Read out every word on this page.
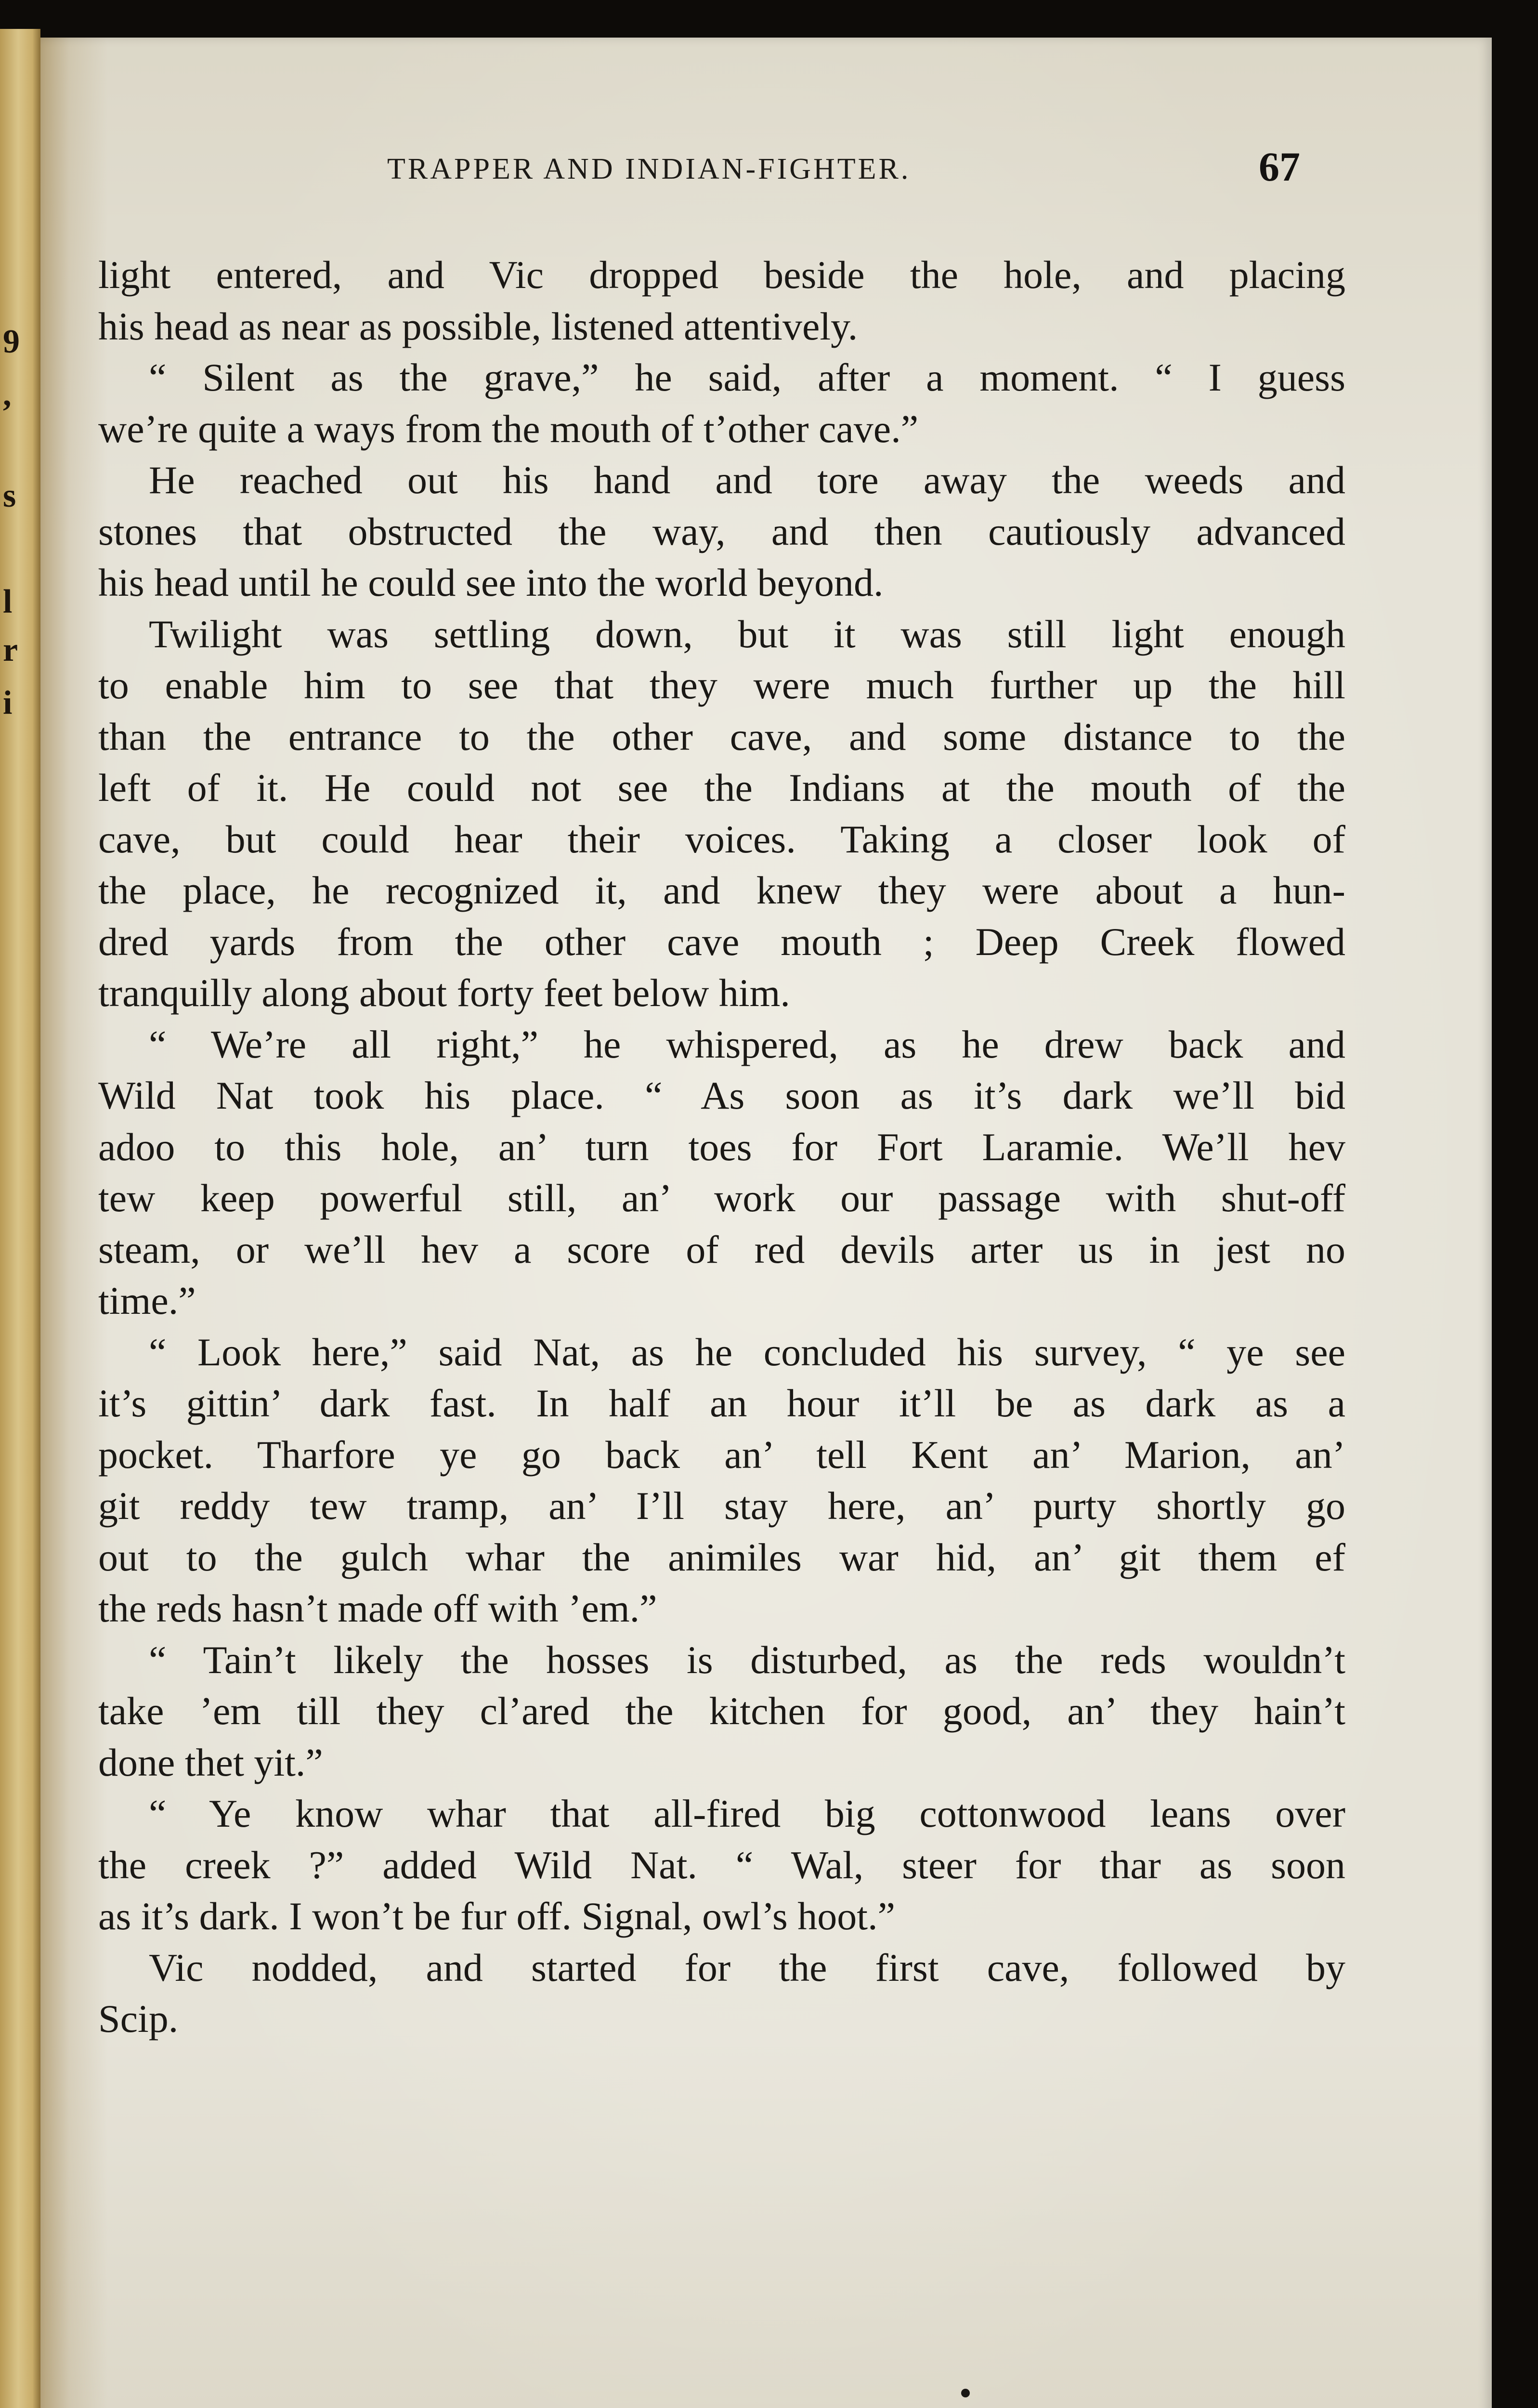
9
,
s
l
r
i
TRAPPER AND INDIAN-FIGHTER.	67
light entered, and Vic dropped beside the hole, and placing
his head as near as possible, listened attentively.
“ Silent as the grave,” he said, after a moment. “ I guess
we’re quite a ways from the mouth of t’other cave.”
He reached out his hand and tore away the weeds and
stones that obstructed the way, and then cautiously advanced
his head until he could see into the world beyond.
Twilight was settling down, but it was still light enough
to enable him to see that they were much further up the hill
than the entrance to the other cave, and some distance to the
left of it. He could not see the Indians at the mouth of the
cave, but could hear their voices. Taking a closer look of
the place, he recognized it, and knew they were about a hun-
dred yards from the other cave mouth ; Deep Creek flowed
tranquilly along about forty feet below him.
“ We’re all right,” he whispered, as he drew back and
Wild Nat took his place. “ As soon as it’s dark we’ll bid
adoo to this hole, an’ turn toes for Fort Laramie. We’ll hev
tew keep powerful still, an’ work our passage with shut-off
steam, or we’ll hev a score of red devils arter us in jest no
time.”
“ Look here,” said Nat, as he concluded his survey, “ ye see
it’s gittin’ dark fast. In half an hour it’ll be as dark as a
pocket. Tharfore ye go back an’ tell Kent an’ Marion, an’
git reddy tew tramp, an’ I’ll stay here, an’ purty shortly go
out to the gulch whar the animiles war hid, an’ git them ef
the reds hasn’t made off with ’em.”
“ Tain’t likely the hosses is disturbed, as the reds wouldn’t
take ’em till they cl’ared the kitchen for good, an’ they hain’t
done thet yit.”
“ Ye know whar that all-fired big cottonwood leans over
the creek ?” added Wild Nat. “ Wal, steer for thar as soon
as it’s dark. I won’t be fur off. Signal, owl’s hoot.”
Vic nodded, and started for the first cave, followed by
Scip.
